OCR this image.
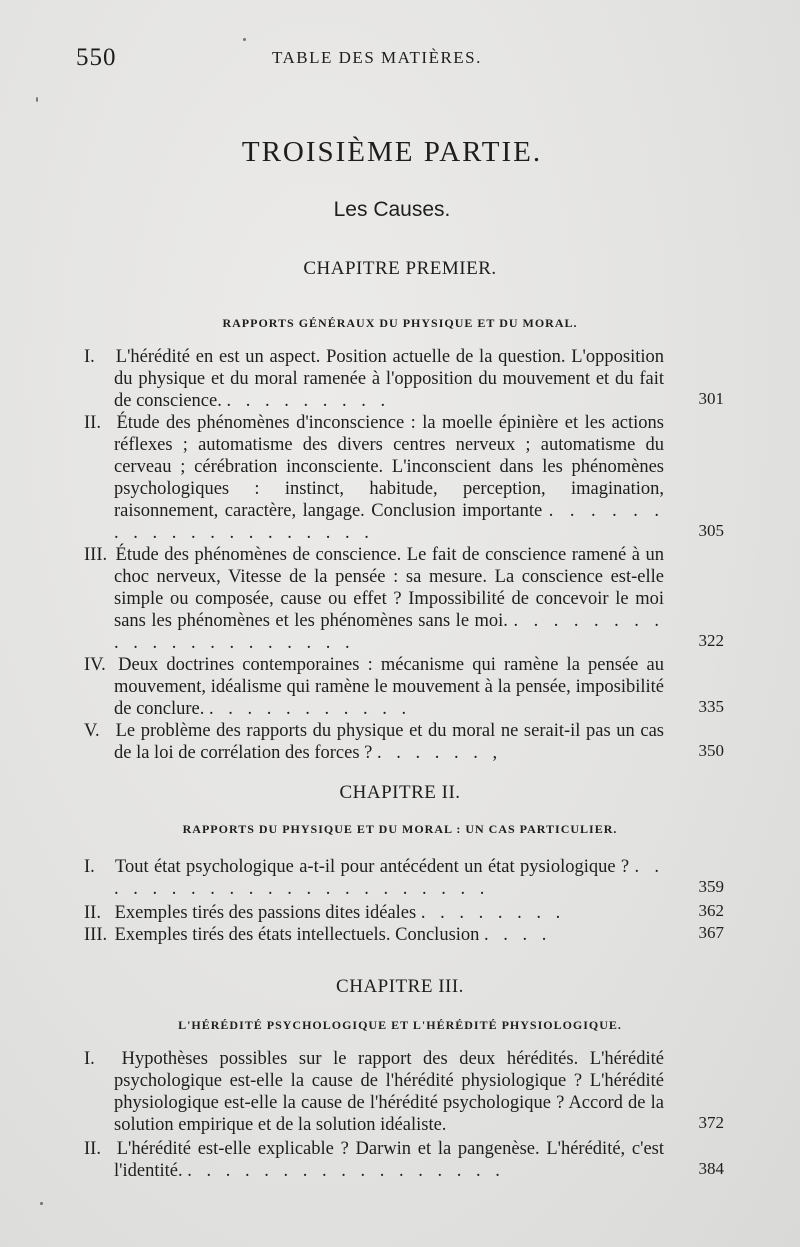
550	TABLE DES MATIÈRES.
TROISIÈME PARTIE.
Les Causes.
CHAPITRE PREMIER.
RAPPORTS GÉNÉRAUX DU PHYSIQUE ET DU MORAL.
I. L'hérédité en est un aspect. Position actuelle de la question. L'opposition du physique et du moral ramenée à l'opposition du mouvement et du fait de conscience. . . . . . . . . .	301
II. Étude des phénomènes d'inconscience : la moelle épinière et les actions réflexes ; automatisme des divers centres nerveux ; automatisme du cerveau ; cérébration inconsciente. L'inconscient dans les phénomènes psychologiques : instinct, habitude, perception, imagination, raisonnement, caractère, langage. Conclusion importante . . . . . . . . . . . . . . . . . . . .	305
III. Étude des phénomènes de conscience. Le fait de conscience ramené à un choc nerveux, Vitesse de la pensée : sa mesure. La conscience est-elle simple ou composée, cause ou effet ? Impossibilité de concevoir le moi sans les phénomènes et les phénomènes sans le moi. . . . . . . . . . . . . . . . . . . . . .	322
IV. Deux doctrines contemporaines : mécanisme qui ramène la pensée au mouvement, idéalisme qui ramène le mouvement à la pensée, imposibilité de conclure. . . . . . . . . . . .	335
V. Le problème des rapports du physique et du moral ne serait-il pas un cas de la loi de corrélation des forces ? . . . . . . ,	350
CHAPITRE II.
RAPPORTS DU PHYSIQUE ET DU MORAL : UN CAS PARTICULIER.
I. Tout état psychologique a-t-il pour antécédent un état pysiologique ? . . . . . . . . . . . . . . . . . . . . . .	359
II. Exemples tirés des passions dites idéales . . . . . . . .	362
III. Exemples tirés des états intellectuels. Conclusion . . . .	367
CHAPITRE III.
L'HÉRÉDITÉ PSYCHOLOGIQUE ET L'HÉRÉDITÉ PHYSIOLOGIQUE.
I. Hypothèses possibles sur le rapport des deux hérédités. L'hérédité psychologique est-elle la cause de l'hérédité physiologique ? L'hérédité physiologique est-elle la cause de l'hérédité psychologique ? Accord de la solution empirique et de la solution idéaliste.	372
II. L'hérédité est-elle explicable ? Darwin et la pangenèse. L'hérédité, c'est l'identité. . . . . . . . . . . . . . . . . .	384
